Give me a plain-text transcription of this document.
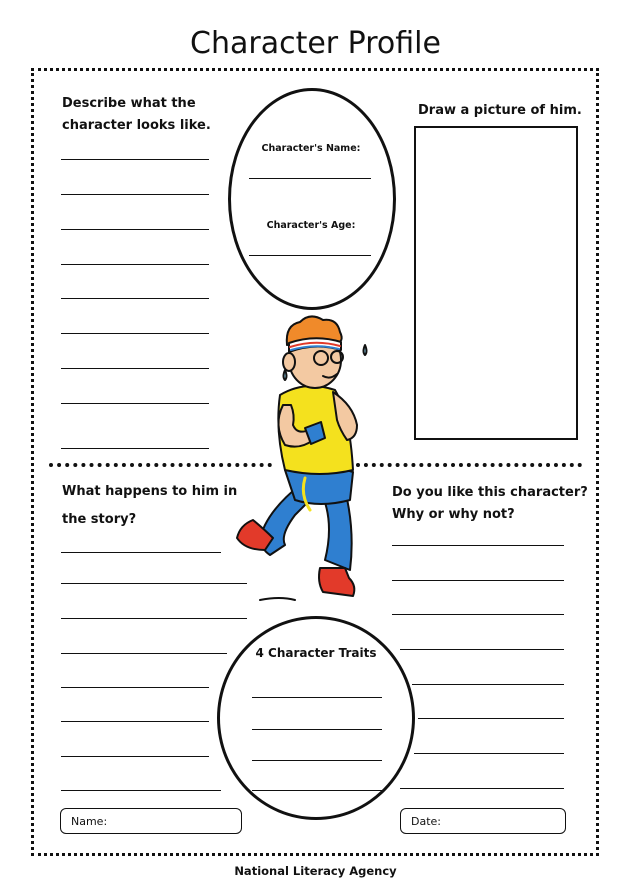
Character Profile
Describe what the
character looks like.
Character's Name:
Character's Age:
Draw a picture of him.
What happens to him in
the story?
Do you like this character?
Why or why not?
4 Character Traits
Name:	Date:
National Literacy Agency
